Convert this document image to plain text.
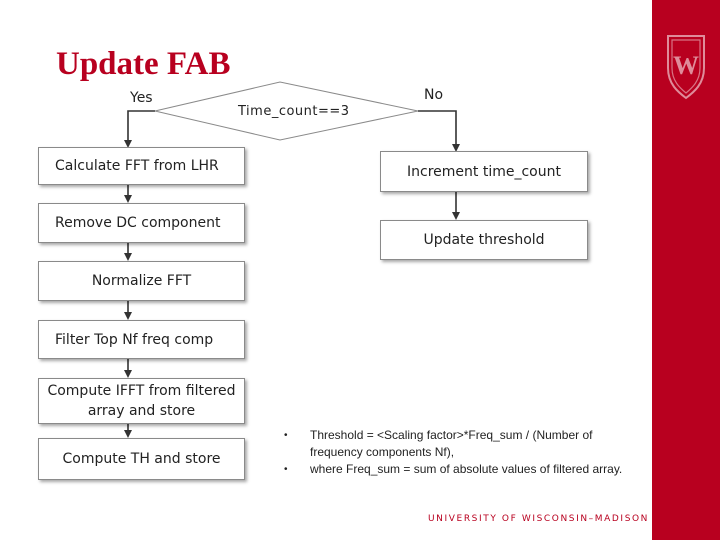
Update FAB	W
Yes
Time_count==3
No
Calculate FFT from LHR
Remove DC component
Normalize FFT
Filter Top Nf freq comp
Compute IFFT from filtered array and store
Compute TH and store
Increment time_count
Update threshold
•	Threshold = <Scaling factor>*Freq_sum / (Number of frequency components Nf),
•	where Freq_sum = sum of absolute values of filtered array.
UNIVERSITY OF WISCONSIN–MADISON
